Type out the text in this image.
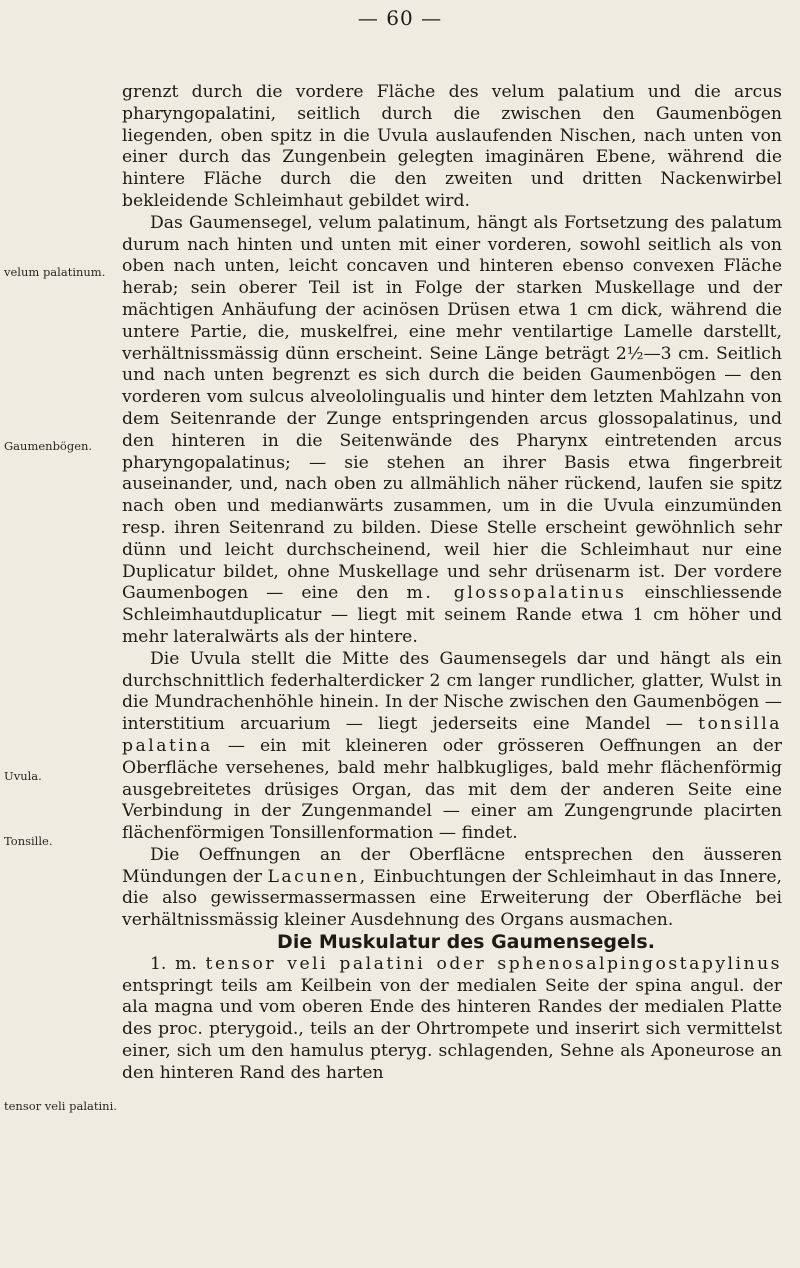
— 60 —
velum palatinum.
Gaumenbögen.
Uvula.
Tonsille.
tensor veli palatini.

grenzt durch die vordere Fläche des velum palatium und die arcus pharyngopalatini, seitlich durch die zwischen den Gaumenbögen liegenden, oben spitz in die Uvula auslaufenden Nischen, nach unten von einer durch das Zungenbein gelegten imaginären Ebene, während die hintere Fläche durch die den zweiten und dritten Nackenwirbel bekleidende Schleimhaut gebildet wird.

Das Gaumensegel, velum palatinum, hängt als Fortsetzung des palatum durum nach hinten und unten mit einer vorderen, sowohl seitlich als von oben nach unten, leicht concaven und hinteren ebenso convexen Fläche herab; sein oberer Teil ist in Folge der starken Muskellage und der mächtigen Anhäufung der acinösen Drüsen etwa 1 cm dick, während die untere Partie, die, muskelfrei, eine mehr ventilartige Lamelle darstellt, verhältnissmässig dünn erscheint. Seine Länge beträgt 2½—3 cm. Seitlich und nach unten begrenzt es sich durch die beiden Gaumenbögen — den vorderen vom sulcus alveololingualis und hinter dem letzten Mahlzahn von dem Seitenrande der Zunge entspringenden arcus glossopalatinus, und den hinteren in die Seitenwände des Pharynx eintretenden arcus pharyngopalatinus; — sie stehen an ihrer Basis etwa fingerbreit auseinander, und, nach oben zu allmählich näher rückend, laufen sie spitz nach oben und medianwärts zusammen, um in die Uvula einzumünden resp. ihren Seitenrand zu bilden. Diese Stelle erscheint gewöhnlich sehr dünn und leicht durchscheinend, weil hier die Schleimhaut nur eine Duplicatur bildet, ohne Muskellage und sehr drüsenarm ist. Der vordere Gaumenbogen — eine den m. glossopalatinus einschliessende Schleimhautduplicatur — liegt mit seinem Rande etwa 1 cm höher und mehr lateralwärts als der hintere.

Die Uvula stellt die Mitte des Gaumensegels dar und hängt als ein durchschnittlich federhalterdicker 2 cm langer rundlicher, glatter, Wulst in die Mundrachenhöhle hinein. In der Nische zwischen den Gaumenbögen — interstitium arcuarium — liegt jederseits eine Mandel — tonsilla palatina — ein mit kleineren oder grösseren Oeffnungen an der Oberfläche versehenes, bald mehr halbkugliges, bald mehr flächenförmig ausgebreitetes drüsiges Organ, das mit dem der anderen Seite eine Verbindung in der Zungenmandel — einer am Zungengrunde placirten flächenförmigen Tonsillenformation — findet.

Die Oeffnungen an der Oberfläcne entsprechen den äusseren Mündungen der Lacunen, Einbuchtungen der Schleimhaut in das Innere, die also gewissermassermassen eine Erweiterung der Oberfläche bei verhältnissmässig kleiner Ausdehnung des Organs ausmachen.

Die Muskulatur des Gaumensegels.

1. m. tensor veli palatini oder sphenosalpingostapylinus entspringt teils am Keilbein von der medialen Seite der spina angul. der ala magna und vom oberen Ende des hinteren Randes der medialen Platte des proc. pterygoid., teils an der Ohrtrompete und inserirt sich vermittelst einer, sich um den hamulus pteryg. schlagenden, Sehne als Aponeurose an den hinteren Rand des harten
